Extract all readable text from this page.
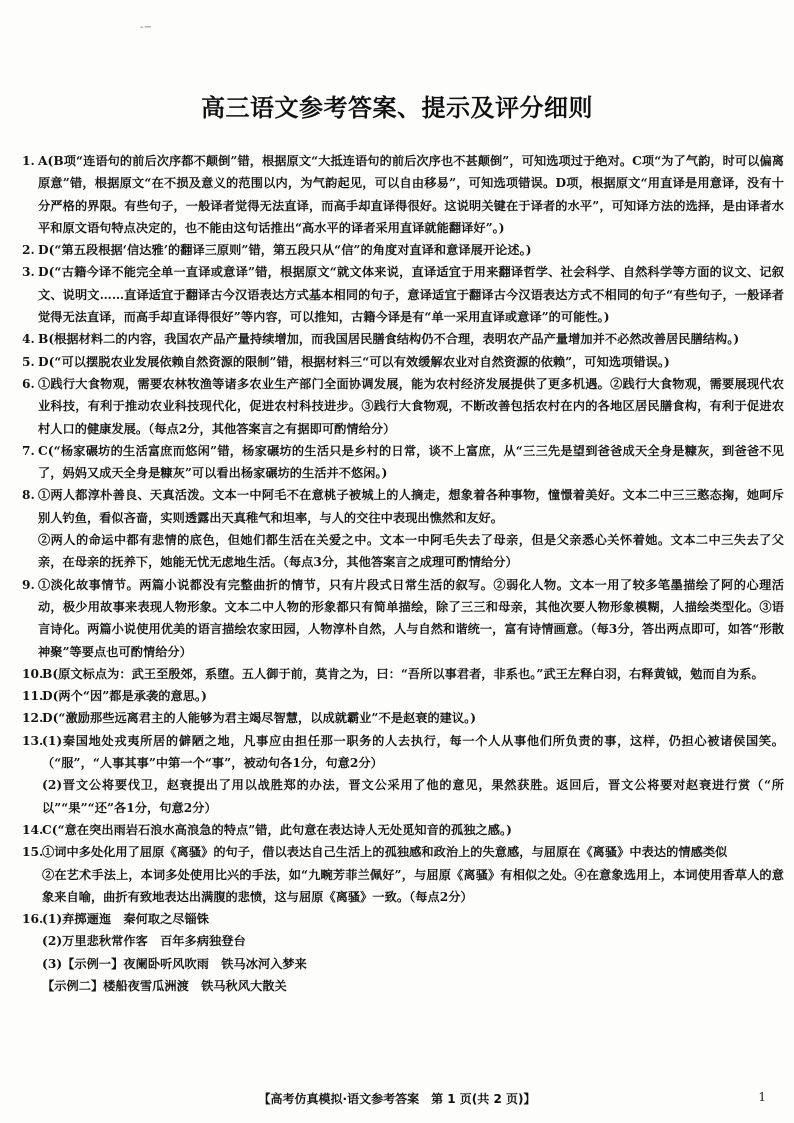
-−
高三语文参考答案、提示及评分细则

1. A(B项“连语句的前后次序都不颠倒”错，根据原文“大抵连语句的前后次序也不甚颠倒”，可知选项过于绝对。C项“为了气韵，时可以偏离原意”错，根据原文“在不损及意义的范围以内，为气韵起见，可以自由移易”，可知选项错误。D项，根据原文“用直译是用意译，没有十分严格的界限。有些句子，一般译者觉得无法直译，而高手却直译得很好。这说明关键在于译者的水平”，可知译方法的选择，是由译者水平和原文语句特点决定的，也不能由这句话推出“高水平的译者采用直译就能翻译好”。)

2. D(“第五段根据‘信达雅’的翻译三原则”错，第五段只从“信”的角度对直译和意译展开论述。)

3. D(“古籍今译不能完全单一直译或意译”错，根据原文“就文体来说，直译适宜于用来翻译哲学、社会科学、自然科学等方面的议文、记叙文、说明文……直译适宜于翻译古今汉语表达方式基本相同的句子，意译适宜于翻译古今汉语表达方式不相同的句子“有些句子，一般译者觉得无法直译，而高手却直译得很好”等内容，可以推知，古籍今译是有“单一采用直译或意译”的可能性。)

4. B(根据材料二的内容，我国农产品产量持续增加，而我国居民膳食结构仍不合理，表明农产品产量增加并不必然改善居民膳结构。)

5. D(“可以摆脱农业发展依赖自然资源的限制”错，根据材料三“可以有效缓解农业对自然资源的依赖”，可知选项错误。)

6. ①践行大食物观，需要农林牧渔等诸多农业生产部门全面协调发展，能为农村经济发展提供了更多机遇。②践行大食物观，需要展现代农业科技，有利于推动农业科技现代化，促进农村科技进步。③践行大食物观，不断改善包括农村在内的各地区居民膳食构，有利于促进农村人口的健康发展。（每点2分，其他答案言之有据即可酌情给分）

7. C(“杨家碾坊的生活富庶而悠闲”错，杨家碾坊的生活只是乡村的日常，谈不上富庶，从“三三先是望到爸爸成天全身是糠灰，到爸爸不见了，妈妈又成天全身是糠灰”可以看出杨家碾坊的生活并不悠闲。)

8. ①两人都淳朴善良、天真活泼。文本一中阿毛不在意桃子被城上的人摘走，想象着各种事物，憧憬着美好。文本二中三三憨态掬，她呵斥别人钓鱼，看似吝啬，实则透露出天真稚气和坦率，与人的交往中表现出憔然和友好。

②两人的命运中都有悲情的底色，但她们都生活在关爱之中。文本一中阿毛失去了母亲，但是父亲悉心关怀着她。文本二中三失去了父亲，在母亲的抚养下，她能无忧无虑地生活。（每点3分，其他答案言之成理可酌情给分）

9. ①淡化故事情节。两篇小说都没有完整曲折的情节，只有片段式日常生活的叙写。②弱化人物。文本一用了较多笔墨描绘了阿的心理活动，极少用故事来表现人物形象。文本二中人物的形象都只有简单描绘，除了三三和母亲，其他次要人物形象模糊，人描绘类型化。③语言诗化。两篇小说使用优美的语言描绘农家田园，人物淳朴自然，人与自然和谐统一，富有诗情画意。（每3分，答出两点即可，如答“形散神聚”等要点也可酌情给分）

10.
B(原文标点为：武王至殷郊，系堕。五人御于前，莫肯之为，曰：“吾所以事君者，非系也。”武王左释白羽，右释黄钺，勉而自为系。

11.
D(两个“因”都是承袭的意思。)

12.
D(“激励那些远离君主的人能够为君主竭尽智慧，以成就霸业”不是赵衰的建议。)

13.

(1)秦国地处戎夷所居的僻陋之地，凡事应由担任那一职务的人去执行，每一个人从事他们所负责的事，这样，仍担心被诸侯国笑。（“服”，“人事其事”中第一个“事”，被动句各1分，句意2分）

(2)晋文公将要伐卫，赵衰提出了用以战胜郑的办法，晋文公采用了他的意见，果然获胜。返回后，晋文公将要对赵衰进行赏（“所以”“果”“还”各1分，句意2分）

14.
C(“意在突出雨岩石浪水高浪急的特点”错，此句意在表达诗人无处觅知音的孤独之感。)

15.

①词中多处化用了屈原《离骚》的句子，借以表达自己生活上的孤独感和政治上的失意感，与屈原在《离骚》中表达的情感类似

②在艺术手法上，本词多处使用比兴的手法，如“九畹芳菲兰佩好”，与屈原《离骚》有相似之处。④在意象选用上，本词使用香草人的意象来自喻，曲折有致地表达出满腹的悲愤，这与屈原《离骚》一致。（每点2分）

16.

(1)弃掷逦迤　秦何取之尽锱铢

(2)万里悲秋常作客　百年多病独登台

(3)【示例一】夜阑卧听风吹雨　铁马冰河入梦来

【示例二】楼船夜雪瓜洲渡　铁马秋风大散关

【高考仿真模拟·语文参考答案　第 1 页(共 2 页)】	1
